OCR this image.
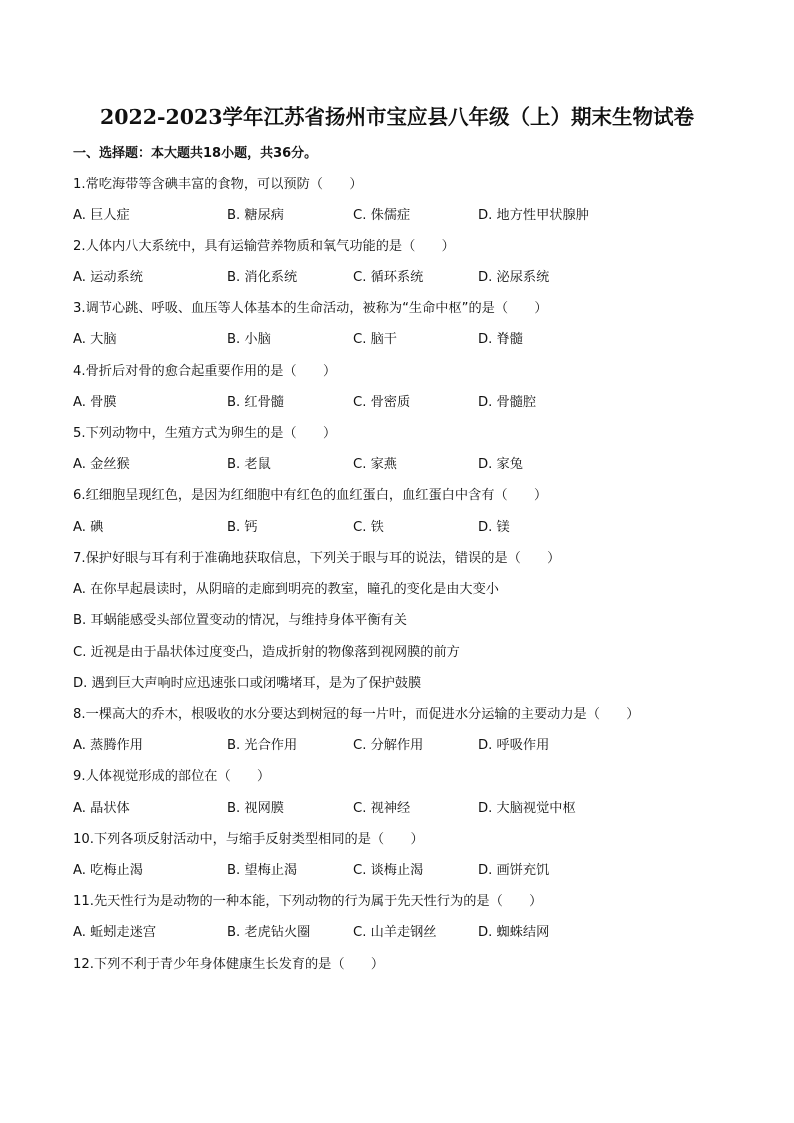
2022-2023学年江苏省扬州市宝应县八年级（上）期末生物试卷
一、选择题：本大题共18小题，共36分。
1.常吃海带等含碘丰富的食物，可以预防（　　）
A. 巨人症	B. 糖尿病	C. 侏儒症	D. 地方性甲状腺肿
2.人体内八大系统中，具有运输营养物质和氧气功能的是（　　）
A. 运动系统	B. 消化系统	C. 循环系统	D. 泌尿系统
3.调节心跳、呼吸、血压等人体基本的生命活动，被称为“生命中枢”的是（　　）
A. 大脑	B. 小脑	C. 脑干	D. 脊髓
4.骨折后对骨的愈合起重要作用的是（　　）
A. 骨膜	B. 红骨髓	C. 骨密质	D. 骨髓腔
5.下列动物中，生殖方式为卵生的是（　　）
A. 金丝猴	B. 老鼠	C. 家燕	D. 家兔
6.红细胞呈现红色，是因为红细胞中有红色的血红蛋白，血红蛋白中含有（　　）
A. 碘	B. 钙	C. 铁	D. 镁
7.保护好眼与耳有利于准确地获取信息，下列关于眼与耳的说法，错误的是（　　）
A. 在你早起晨读时，从阴暗的走廊到明亮的教室，瞳孔的变化是由大变小
B. 耳蜗能感受头部位置变动的情况，与维持身体平衡有关
C. 近视是由于晶状体过度变凸，造成折射的物像落到视网膜的前方
D. 遇到巨大声响时应迅速张口或闭嘴堵耳，是为了保护鼓膜
8.一棵高大的乔木，根吸收的水分要达到树冠的每一片叶，而促进水分运输的主要动力是（　　）
A. 蒸腾作用	B. 光合作用	C. 分解作用	D. 呼吸作用
9.人体视觉形成的部位在（　　）
A. 晶状体	B. 视网膜	C. 视神经	D. 大脑视觉中枢
10.下列各项反射活动中，与缩手反射类型相同的是（　　）
A. 吃梅止渴	B. 望梅止渴	C. 谈梅止渴	D. 画饼充饥
11.先天性行为是动物的一种本能，下列动物的行为属于先天性行为的是（　　）
A. 蚯蚓走迷宫	B. 老虎钻火圈	C. 山羊走钢丝	D. 蜘蛛结网
12.下列不利于青少年身体健康生长发育的是（　　）
